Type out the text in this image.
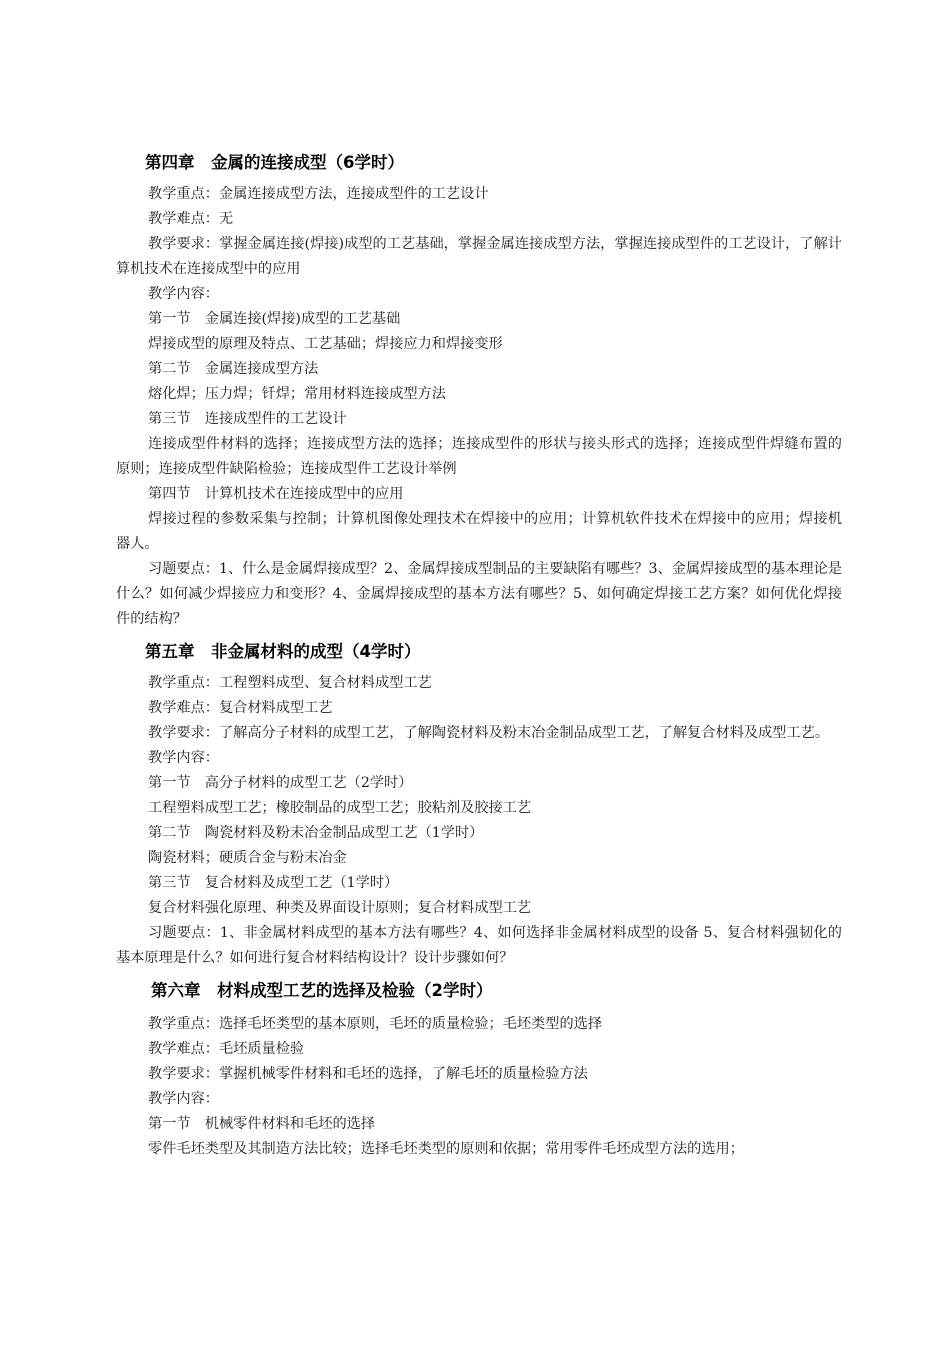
第四章　金属的连接成型（6学时）

教学重点：金属连接成型方法，连接成型件的工艺设计

教学难点：无

教学要求：掌握金属连接(焊接)成型的工艺基础，掌握金属连接成型方法，掌握连接成型件的工艺设计，了解计算机技术在连接成型中的应用

教学内容：

第一节　金属连接(焊接)成型的工艺基础

焊接成型的原理及特点、工艺基础；焊接应力和焊接变形

第二节　金属连接成型方法

熔化焊；压力焊；钎焊；常用材料连接成型方法

第三节　连接成型件的工艺设计

连接成型件材料的选择；连接成型方法的选择；连接成型件的形状与接头形式的选择；连接成型件焊缝布置的原则；连接成型件缺陷检验；连接成型件工艺设计举例

第四节　计算机技术在连接成型中的应用

焊接过程的参数采集与控制；计算机图像处理技术在焊接中的应用；计算机软件技术在焊接中的应用；焊接机器人。

习题要点：1、什么是金属焊接成型？2、金属焊接成型制品的主要缺陷有哪些？3、金属焊接成型的基本理论是什么？如何减少焊接应力和变形？4、金属焊接成型的基本方法有哪些？5、如何确定焊接工艺方案？如何优化焊接件的结构？

第五章　非金属材料的成型（4学时）

教学重点：工程塑料成型、复合材料成型工艺

教学难点：复合材料成型工艺

教学要求：了解高分子材料的成型工艺，了解陶瓷材料及粉末冶金制品成型工艺，了解复合材料及成型工艺。

教学内容：

第一节　高分子材料的成型工艺（2学时）

工程塑料成型工艺；橡胶制品的成型工艺；胶粘剂及胶接工艺

第二节　陶瓷材料及粉末冶金制品成型工艺（1学时）

陶瓷材料；硬质合金与粉末冶金

第三节　复合材料及成型工艺（1学时）

复合材料强化原理、种类及界面设计原则；复合材料成型工艺

习题要点：1、非金属材料成型的基本方法有哪些？4、如何选择非金属材料成型的设备 5、复合材料强韧化的基本原理是什么？如何进行复合材料结构设计？设计步骤如何？

第六章　材料成型工艺的选择及检验（2学时）

教学重点：选择毛坯类型的基本原则，毛坯的质量检验；毛坯类型的选择

教学难点：毛坯质量检验

教学要求：掌握机械零件材料和毛坯的选择，了解毛坯的质量检验方法

教学内容：

第一节　机械零件材料和毛坯的选择

零件毛坯类型及其制造方法比较；选择毛坯类型的原则和依据；常用零件毛坯成型方法的选用；
